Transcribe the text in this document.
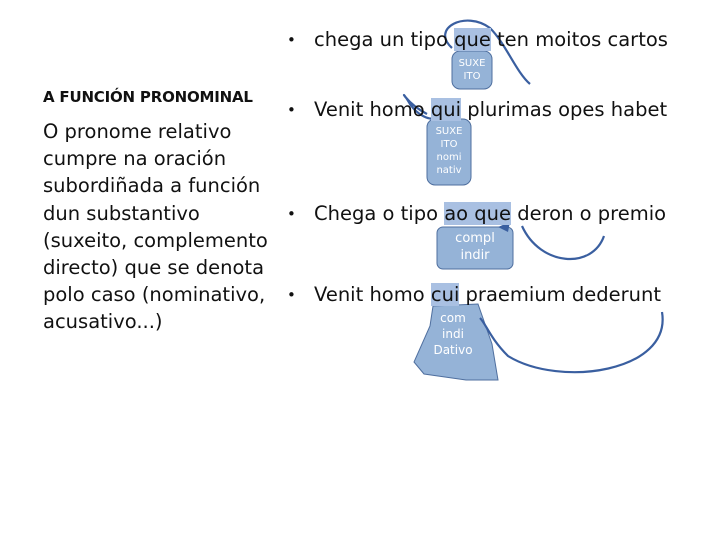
A FUNCIÓN PRONOMINAL
O pronome relativo cumpre na oración subordiñada a función dun substantivo (suxeito, complemento directo) que se denota polo caso (nominativo, acusativo...)
• chega un tipo que ten moitos cartos
SUXE
ITO
• Venit homo qui plurimas opes habet
SUXE
ITO
nomi
nativ
• Chega o tipo ao que deron o premio
compl
indir
• Venit homo cui praemium dederunt
com
indi
Dativo
